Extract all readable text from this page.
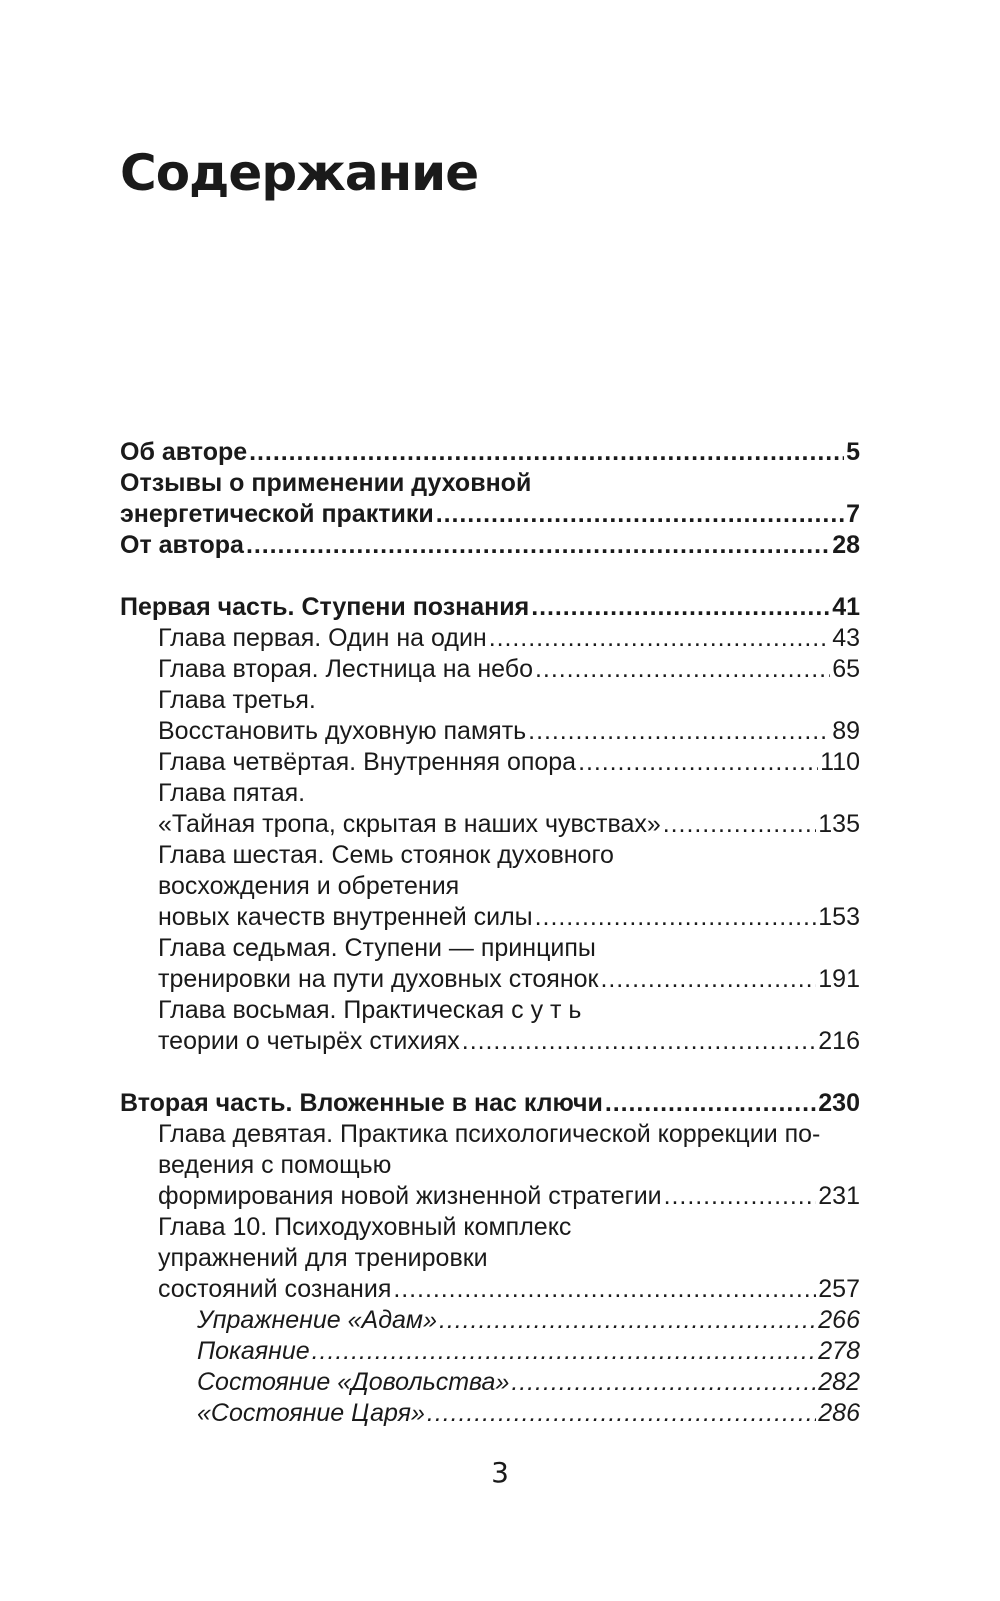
Содержание
Об авторе . . .	5
Отзывы о применении духовной
энергетической практики . . .	7
От автора . . .	28
Первая часть. Ступени познания . . .	41
Глава первая. Один на один . . .	43
Глава вторая. Лестница на небо . . .	65
Глава третья.
Восстановить духовную память . . .	89
Глава четвёртая. Внутренняя опора . . .	110
Глава пятая.
«Тайная тропа, скрытая в наших чувствах» . . .	135
Глава шестая. Семь стоянок духовного
восхождения и обретения
новых качеств внутренней силы . . .	153
Глава седьмая. Ступени — принципы
тренировки на пути духовных стоянок . . .	191
Глава восьмая. Практическая с у т ь
теории о четырёх стихиях . . .	216
Вторая часть. Вложенные в нас ключи . . .	230
Глава девятая. Практика психологической коррекции по-
ведения с помощью
формирования новой жизненной стратегии . . .	231
Глава 10. Психодуховный комплекс
упражнений для тренировки
состояний сознания . . .	257
Упражнение «Адам» . . .	266
Покаяние . . .	278
Состояние «Довольства» . . .	282
«Состояние Царя» . . .	286
3
